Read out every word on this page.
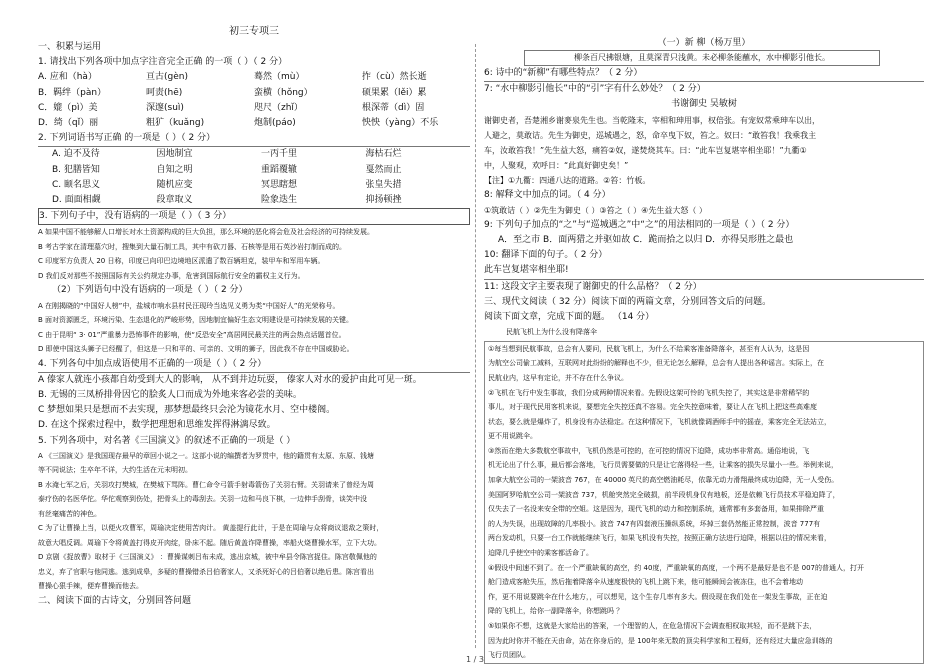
初三专项三
一、积累与运用
1. 请找出下列各项中加点字注音完全正确 的一项（ ）（ 2 分）
A. 应和（hà）	亘古(gèn)	蓦然（mù）	拃（cù）然长逝
B．羁绊（pàn）	呵责(hē)	蛮横（hǒng）	硕果累（lěi）累
C．媲（pì）美	深邃(suì)	咫尺（zhǐ）	根深蒂（dì）固
D．绮（qǐ）丽	粗犷（kuǎng)	炮制(páo)	怏怏（yàng）不乐
2. 下列词语书写正确 的一项是（ ）（ 2 分）
A. 迫不及待	因地制宜	一丙千里	海枯石烂
B. 犯膳皆知	自知之明	重蹈覆辙	戛然而止
C. 颐名思义	随机应变	冥思瞎想	张皇失措
D. 面面相觑	段章取义	险象迭生	抑扬顿挫
3. 下列句子中，没有语病的一项是（ ）（ 3 分）
A 如果中国不能够解人口增长对水土资源构成的巨大负担，那么环境的恶化将会危及社会经济的可持续发展。
B 考古学家在清理墓穴时，搜集到大量石制工具，其中有砍刀器、石核等是用石英沙岩打制而成的。
C 印度军方负责人 20 日称，印度已向印巴边境地区派遣了数百辆坦克，装甲车和军用车辆。
D 我们反对那些不按照国际有关公约规定办事，危害到国际航行安全的霸权主义行为。
（2）下列语句中没有语病的一项是（ ）（ 2 分）
A 在刚揭晓的“中国好人榜”中，盐城市响水县村民汪现玲当选见义勇为类“中国好人”的光荣称号。
B 面对资源匮乏，环境污染、生态退化的严峻形势，因地制宜偏好生态文明建设是可持续发展的关键。
C 由于昆明“ 3· 01”严重暴力恐怖事件的影响，使“反恐安全”高居网民最关注的两会热点话题首位。
D 即使中国这头狮子已经醒了，但这是一只和平的、可亲的、文明的狮子，因此我不存在中国威胁论。
4. 下列各句中加点成语使用不正确的一项是（ ）（ 2 分）
A 傣家人就连小孩都自幼受到大人的影响， 从不到井边玩耍， 傣家人对水的爱护由此可见一斑。
B. 无锡的三凤桥排骨因它的脍炙人口而成为外地来客必尝的美味。
C 梦想如果只是想而不去实现，那梦想最终只会沦为镜花水月、空中楼阁。
D. 在这个探索过程中，数学把理想和思维发挥得淋漓尽致。
5. 下列各项中，对名著《三国演义》的叙述不正确的一项是（ ）
A 《三国演义》是我国现存最早的章回小说之一。这部小说的编撰者为罗贯中，他的籍贯有太原、东原、钱塘
等不同说法；生卒年不详，大约生活在元末明初。
B 水淹七军之后，关羽攻打樊城，在樊城下骂阵。曹仁命令弓箭手射毒箭伤了关羽右臂。关羽请来了曾经为周
泰疗伤的名医华佗。华佗观察到伤处，把骨头上的毒刮去。关羽一边和马良下棋，一边伸手刮骨，谈笑中没
有丝毫痛苦的神色。
C 为了让曹操上当，以便火攻曹军，周瑜决定使用苦肉计。 黄盖提行此计，于是在周瑜与众将商议退敌之策时，
故意大唱反调。周瑜下令将黄盖打得皮开肉绽，卧床不起。随后黄盖诈降曹操，率船火烧曹操水军，立下大功。
D 京剧《捉放曹》取材于《三国演义》 ：曹操谋刺吕布未成，逃出京城，被中牟县令陈宫捉住。陈宫敬佩他的
忠义，弃了官职与他同逃。逃到成皋，多疑的曹操错杀吕伯奢家人，又杀死好心的吕伯奢以绝后患。陈宫看出
曹操心狠手辣，便弃曹操而他去。
二、阅读下面的古诗文，分别回答问题
（一）新 柳（杨万里）
柳条百尺拂银塘，且莫深青只浅黄。未必柳条能蘸水，水中柳影引他长。
6: 诗中的“新柳”有哪些特点？（ 2 分）
7: “水中柳影引他长”中的“引”字有什么妙处？（ 2 分）
书谢御史 吴敏树
谢御史者，吾楚湘乡谢麥泉先生也。当乾隆末，宰相和珅用事，权倍张。有宠奴常乘珅车以出，
人避之，莫敢诘。先生为御史，巡城遇之，怒，命卒曳下奴，笞之。奴曰：“敢笞我！我乘我主
车，汝敢笞我！”先生益大怒，痛笞②奴，遂焚烧其车。曰：“此车岂复堪宰相坐耶！”九衢①
中，人聚观，欢呼日：“此真好御史矣！”
【注】①九衢：四通八达的道路。②笞：竹板。
8: 解释文中加点的词。（ 4 分）
①筑敢诘（ ）②先生为御史（ ）③笞之（ ）④先生益大怒（ ）
9: 下列句子加点的“之”与“巡城遇之”中“之”的用法相同的一项是（ ）（ 2 分）
A．至之市 B．面两猎之并驱如故 C．跪而拾之以归 D．亦得吴形胜之最也
10: 翻译下面的句子。（ 2 分）
此车岂复堪宰相坐耶!
11: 这段文字主要表现了谢御史的什么品格？（ 2 分）
三、现代文阅读（ 32 分）阅读下面的两篇文章，分别回答文后的问题。
阅读下面文章，完成下面的题。 （14 分）
民航飞机上为什么没有降落伞
①每当想到民航事故，总会有人要问，民航飞机上，为什么不给乘客准备降落伞，甚至有人认为，这是因
为航空公司偷工减料，互联网对此纷纷的解释也不少，但无论怎么解释，总会有人提出各种谣言。实际上，在
民航业内，这早有定论，并不存在什么争议。
②飞机在飞行中发生事故，我们分成两种情况来看。先假设这架可怜的飞机失控了，其实这是非常稀罕的
事儿，对于现代民用客机来说，要想完全失控还真不容易。完全失控意味着，要让人在飞机上把这些高难度
状态，要么就是爆炸了，机身没有办法稳定。在这种情况下，飞机就像调酒师手中的摇壶，乘客完全无法站立，
更不用说跳伞。
③然而在绝大多数航空事故中，飞机仍然是可控的，在可控的情况下迫降，成功率非常高。通俗地说，飞
机无论出了什么事，最后都会落地，飞行员需要做的只是让它落得轻一些，让乘客的损失尽量小一些。举例来说，
加拿大航空公司的一架波音 767，在 40000 英尺的高空燃油耗尽，依靠无动力滑翔最终成功迫降，无一人受伤。
美国阿罗哈航空公司一架波音 737，机舱突然完全破损，前半段机身仅有地板，还是依赖飞行员技术平稳迫降了，
仅失去了一名没来安全带的空姐。这是因为，现代飞机的动力和控制系统，通常都有多套备用，如果排除严重
的人为失误，出现故障的几率极小。波音 747有四套液压操纵系统，坏掉三套仍然能正常控制，波音 777有
两台发动机，只要一台工作就能继续飞行，如果飞机没有失控，按照正确方法进行迫降，根据以往的情况来看，
迫降几乎使空中的乘客都活命了。
④假设中间速不到了。在一个严重缺氧的高空，约 40度，严重缺氧的高度，一个两不是最好是也不是 007的普通人，打开
舱门造成客舱失压，然后拖着降落伞从速度极快的飞机上跳下来，他可能瞬间会被冻住，也不会着地动
作，更不用说要跳伞在什么地方，，可以想见，这个生存几率有多大。假设现在我们处在一架发生事故，正在迫
降的飞机上，给你一副降落伞，你想跳吗 ？
⑤如果你不想，这就是大家给出的答案，一个理智的人，在危急情况下会调查相权取其轻，而不是跳下去，
因为此时你并不能在天由命，站在你身后的，是 100年来无数的顶尖科学家和工程师，还有经过大量应急训练的
飞行员团队。
1 / 3
